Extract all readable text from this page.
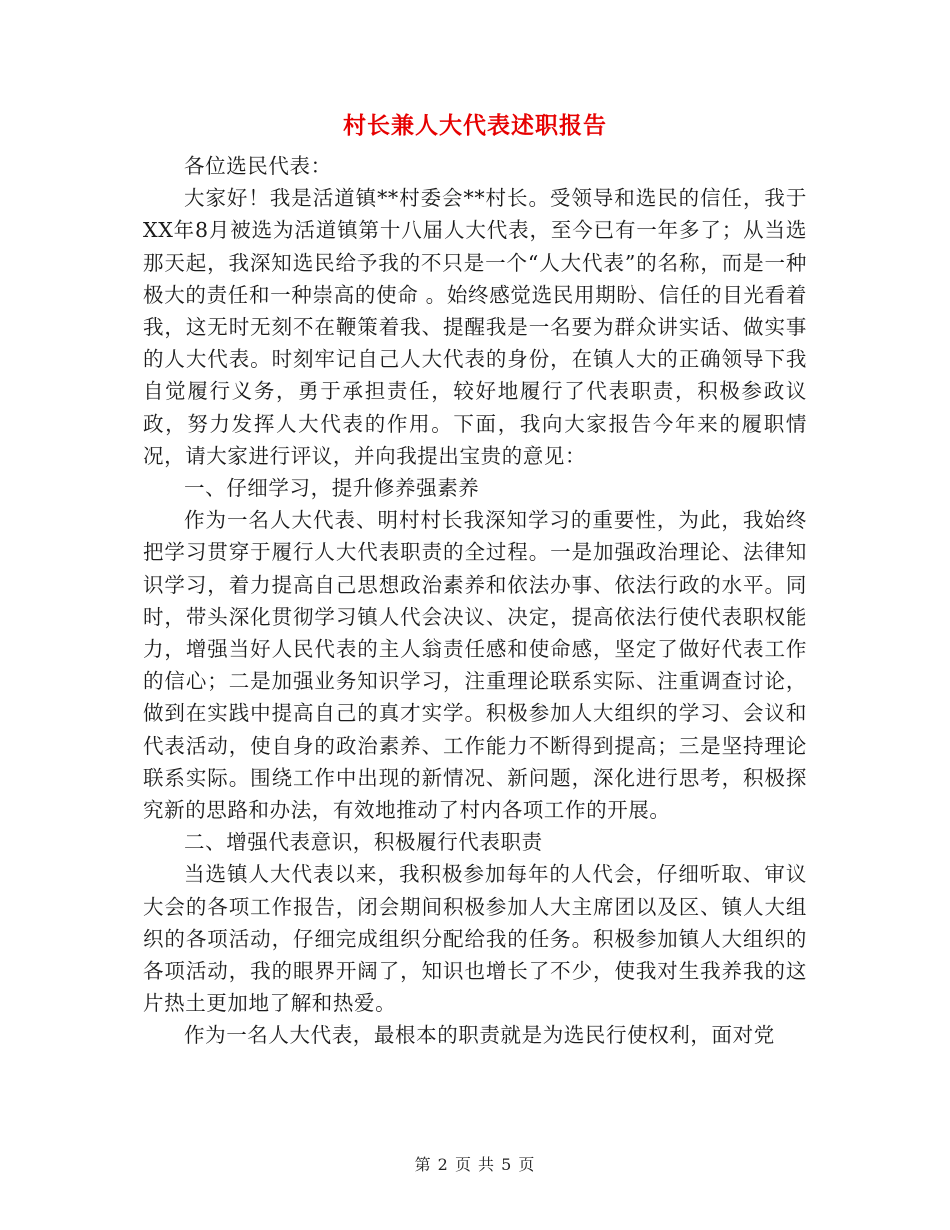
村长兼人大代表述职报告

各位选民代表：

大家好！我是活道镇**村委会**村长。受领导和选民的信任，我于XX年8月被选为活道镇第十八届人大代表，至今已有一年多了；从当选那天起，我深知选民给予我的不只是一个“人大代表”的名称，而是一种极大的责任和一种崇高的使命 。始终感觉选民用期盼、信任的目光看着我，这无时无刻不在鞭策着我、提醒我是一名要为群众讲实话、做实事的人大代表。时刻牢记自己人大代表的身份，在镇人大的正确领导下我自觉履行义务，勇于承担责任，较好地履行了代表职责，积极参政议政，努力发挥人大代表的作用。下面，我向大家报告今年来的履职情况，请大家进行评议，并向我提出宝贵的意见：

一、仔细学习，提升修养强素养

作为一名人大代表、明村村长我深知学习的重要性，为此，我始终把学习贯穿于履行人大代表职责的全过程。一是加强政治理论、法律知识学习，着力提高自己思想政治素养和依法办事、依法行政的水平。同时，带头深化贯彻学习镇人代会决议、决定，提高依法行使代表职权能力，增强当好人民代表的主人翁责任感和使命感，坚定了做好代表工作的信心；二是加强业务知识学习，注重理论联系实际、注重调查讨论，做到在实践中提高自己的真才实学。积极参加人大组织的学习、会议和代表活动，使自身的政治素养、工作能力不断得到提高；三是坚持理论联系实际。围绕工作中出现的新情况、新问题，深化进行思考，积极探究新的思路和办法，有效地推动了村内各项工作的开展。

二、增强代表意识，积极履行代表职责

当选镇人大代表以来，我积极参加每年的人代会，仔细听取、审议大会的各项工作报告，闭会期间积极参加人大主席团以及区、镇人大组织的各项活动，仔细完成组织分配给我的任务。积极参加镇人大组织的各项活动，我的眼界开阔了，知识也增长了不少，使我对生我养我的这片热土更加地了解和热爱。

作为一名人大代表，最根本的职责就是为选民行使权利，面对党

第 2 页 共 5 页
